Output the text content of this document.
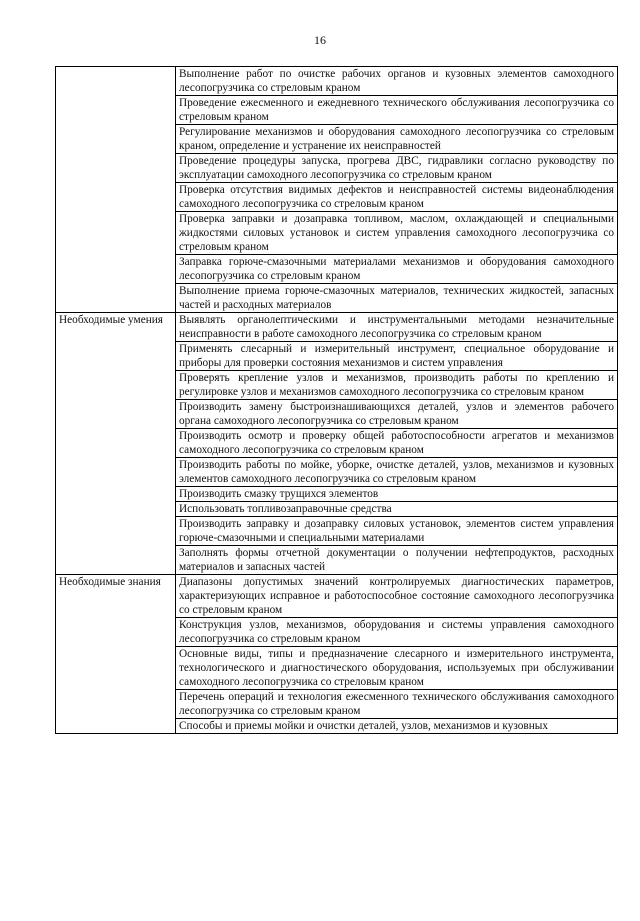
16

	Выполнение работ по очистке рабочих органов и кузовных элементов самоходного лесопогрузчика со стреловым краном

	Проведение ежесменного и ежедневного технического обслуживания лесопогрузчика со стреловым краном

	Регулирование механизмов и оборудования самоходного лесопогрузчика со стреловым краном, определение и устранение их неисправностей

	Проведение процедуры запуска, прогрева ДВС, гидравлики согласно руководству по эксплуатации самоходного лесопогрузчика со стреловым краном

	Проверка отсутствия видимых дефектов и неисправностей системы видеонаблюдения самоходного лесопогрузчика со стреловым краном

	Проверка заправки и дозаправка топливом, маслом, охлаждающей и специальными жидкостями силовых установок и систем управления самоходного лесопогрузчика со стреловым краном

	Заправка горюче-смазочными материалами механизмов и оборудования самоходного лесопогрузчика со стреловым краном

	Выполнение приема горюче-смазочных материалов, технических жидкостей, запасных частей и расходных материалов

Необходимые умения	Выявлять органолептическими и инструментальными методами незначительные неисправности в работе самоходного лесопогрузчика со стреловым краном

	Применять слесарный и измерительный инструмент, специальное оборудование и приборы для проверки состояния механизмов и систем управления

	Проверять крепление узлов и механизмов, производить работы по креплению и регулировке узлов и механизмов самоходного лесопогрузчика со стреловым краном

	Производить замену быстроизнашивающихся деталей, узлов и элементов рабочего органа самоходного лесопогрузчика со стреловым краном

	Производить осмотр и проверку общей работоспособности агрегатов и механизмов самоходного лесопогрузчика со стреловым краном

	Производить работы по мойке, уборке, очистке деталей, узлов, механизмов и кузовных элементов самоходного лесопогрузчика со стреловым краном

	Производить смазку трущихся элементов

	Использовать топливозаправочные средства

	Производить заправку и дозаправку силовых установок, элементов систем управления горюче-смазочными и специальными материалами

	Заполнять формы отчетной документации о получении нефтепродуктов, расходных материалов и запасных частей

Необходимые знания	Диапазоны допустимых значений контролируемых диагностических параметров, характеризующих исправное и работоспособное состояние самоходного лесопогрузчика со стреловым краном

	Конструкция узлов, механизмов, оборудования и системы управления самоходного лесопогрузчика со стреловым краном

	Основные виды, типы и предназначение слесарного и измерительного инструмента, технологического и диагностического оборудования, используемых при обслуживании самоходного лесопогрузчика со стреловым краном

	Перечень операций и технология ежесменного технического обслуживания самоходного лесопогрузчика со стреловым краном

	Способы и приемы мойки и очистки деталей, узлов, механизмов и кузовных
